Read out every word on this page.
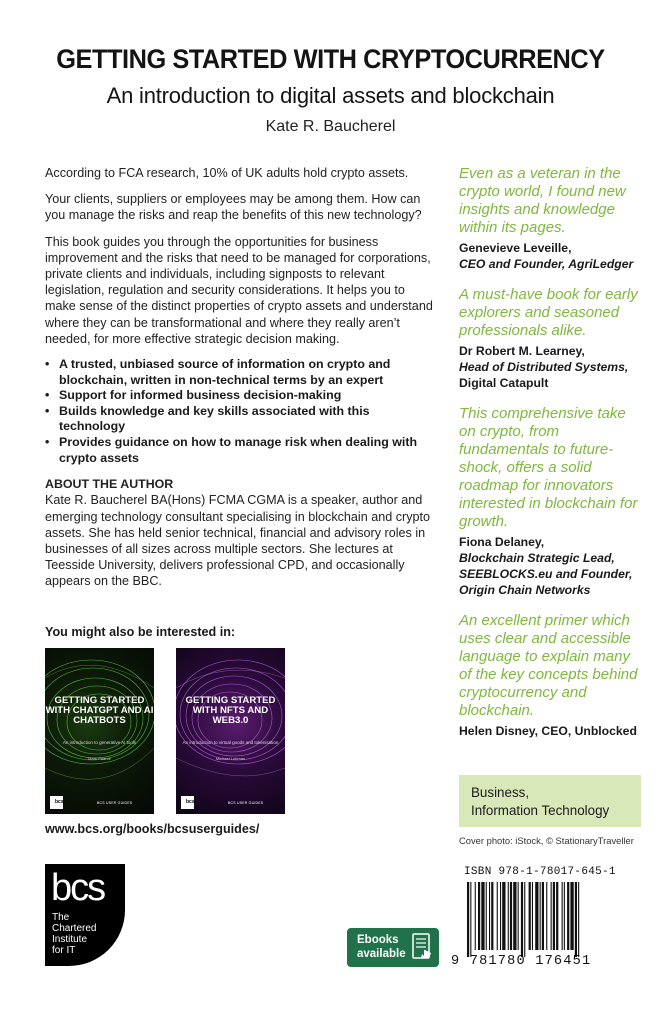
GETTING STARTED WITH CRYPTOCURRENCY
An introduction to digital assets and blockchain
Kate R. Baucherel

According to FCA research, 10% of UK adults hold crypto assets.

Your clients, suppliers or employees may be among them. How can you manage the risks and reap the benefits of this new technology?

This book guides you through the opportunities for business improvement and the risks that need to be managed for corporations, private clients and individuals, including signposts to relevant legislation, regulation and security considerations. It helps you to make sense of the distinct properties of crypto assets and understand where they can be transformational and where they really aren’t needed, for more effective strategic decision making.

• A trusted, unbiased source of information on crypto and blockchain, written in non-technical terms by an expert
• Support for informed business decision-making
• Builds knowledge and key skills associated with this technology
• Provides guidance on how to manage risk when dealing with crypto assets
ABOUT THE AUTHOR

Kate R. Baucherel BA(Hons) FCMA CGMA is a speaker, author and emerging technology consultant specialising in blockchain and crypto assets. She has held senior technical, financial and advisory roles in businesses of all sizes across multiple sectors. She lectures at Teesside University, delivers professional CPD, and occasionally appears on the BBC.

You might also be interested in:
GETTING STARTED WITH CHATGPT AND AI CHATBOTS
An introduction to generative AI tools
Mark Pearce
bcs	BCS USER GUIDES
GETTING STARTED WITH NFTS AND WEB3.0
An introduction to virtual goods and tokenisation
Michael Lohman
bcs	BCS USER GUIDES
www.bcs.org/books/bcsuserguides/
bcs
The
Chartered
Institute
for IT
Ebooks
available
Even as a veteran in the crypto world, I found new insights and knowledge within its pages.
Genevieve Leveille,
CEO and Founder, AgriLedger
A must-have book for early explorers and seasoned professionals alike.
Dr Robert M. Learney,
Head of Distributed Systems,
Digital Catapult
This comprehensive take on crypto, from fundamentals to future-shock, offers a solid roadmap for innovators interested in blockchain for growth.
Fiona Delaney,
Blockchain Strategic Lead,
SEEBLOCKS.eu and Founder,
Origin Chain Networks
An excellent primer which uses clear and accessible language to explain many of the key concepts behind cryptocurrency and blockchain.
Helen Disney, CEO, Unblocked
Business,
Information Technology
Cover photo: iStock, © StationaryTraveller
ISBN 978-1-78017-645-1
9 781780 176451
